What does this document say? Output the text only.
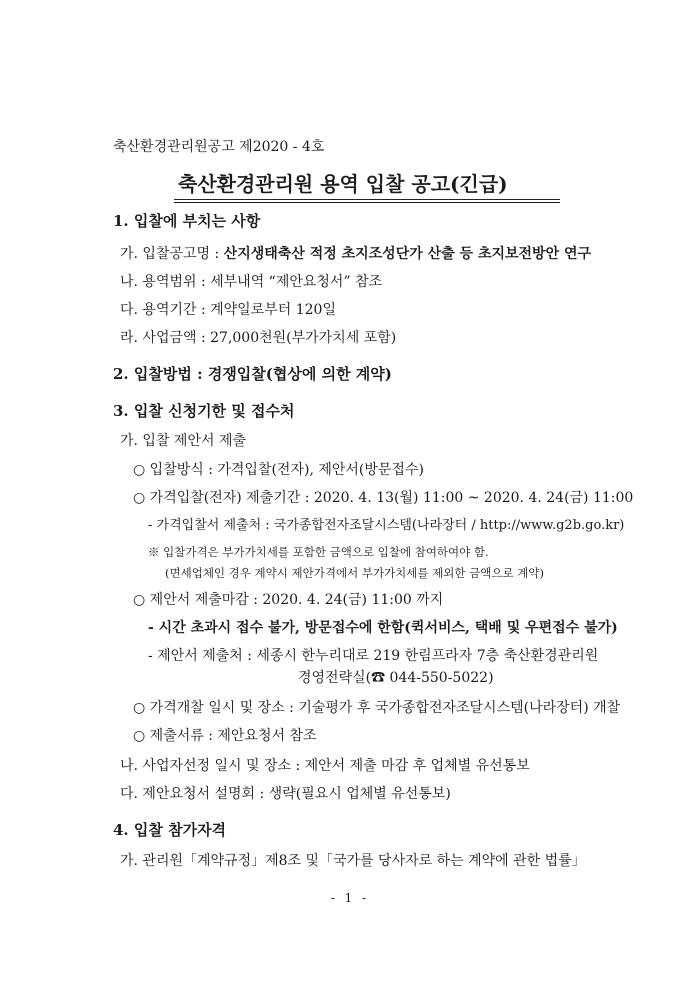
축산환경관리원공고 제2020 - 4호
축산환경관리원 용역 입찰 공고(긴급)
1. 입찰에 부치는 사항
가. 입찰공고명 : 산지생태축산 적정 초지조성단가 산출 등 초지보전방안 연구
나. 용역범위 : 세부내역 “제안요청서” 참조
다. 용역기간 : 계약일로부터 120일
라. 사업금액 : 27,000천원(부가가치세 포함)
2. 입찰방법 : 경쟁입찰(협상에 의한 계약)
3. 입찰 신청기한 및 접수처
가. 입찰 제안서 제출
○ 입찰방식 : 가격입찰(전자), 제안서(방문접수)
○ 가격입찰(전자) 제출기간 : 2020. 4. 13(월) 11:00 ~ 2020. 4. 24(금) 11:00
- 가격입찰서 제출처 : 국가종합전자조달시스템(나라장터 / http://www.g2b.go.kr)
※ 입찰가격은 부가가치세를 포함한 금액으로 입찰에 참여하여야 함.
(면세업체인 경우 계약시 제안가격에서 부가가치세를 제외한 금액으로 계약)
○ 제안서 제출마감 : 2020. 4. 24(금) 11:00 까지
- 시간 초과시 접수 불가, 방문접수에 한함(퀵서비스, 택배 및 우편접수 불가)
- 제안서 제출처 : 세종시 한누리대로 219 한림프라자 7층 축산환경관리원
경영전략실(☎ 044-550-5022)
○ 가격개찰 일시 및 장소 : 기술평가 후 국가종합전자조달시스템(나라장터) 개찰
○ 제출서류 : 제안요청서 참조
나. 사업자선정 일시 및 장소 : 제안서 제출 마감 후 업체별 유선통보
다. 제안요청서 설명회 : 생략(필요시 업체별 유선통보)
4. 입찰 참가자격
가. 관리원「계약규정」제8조 및「국가를 당사자로 하는 계약에 관한 법률」
- 1 -
